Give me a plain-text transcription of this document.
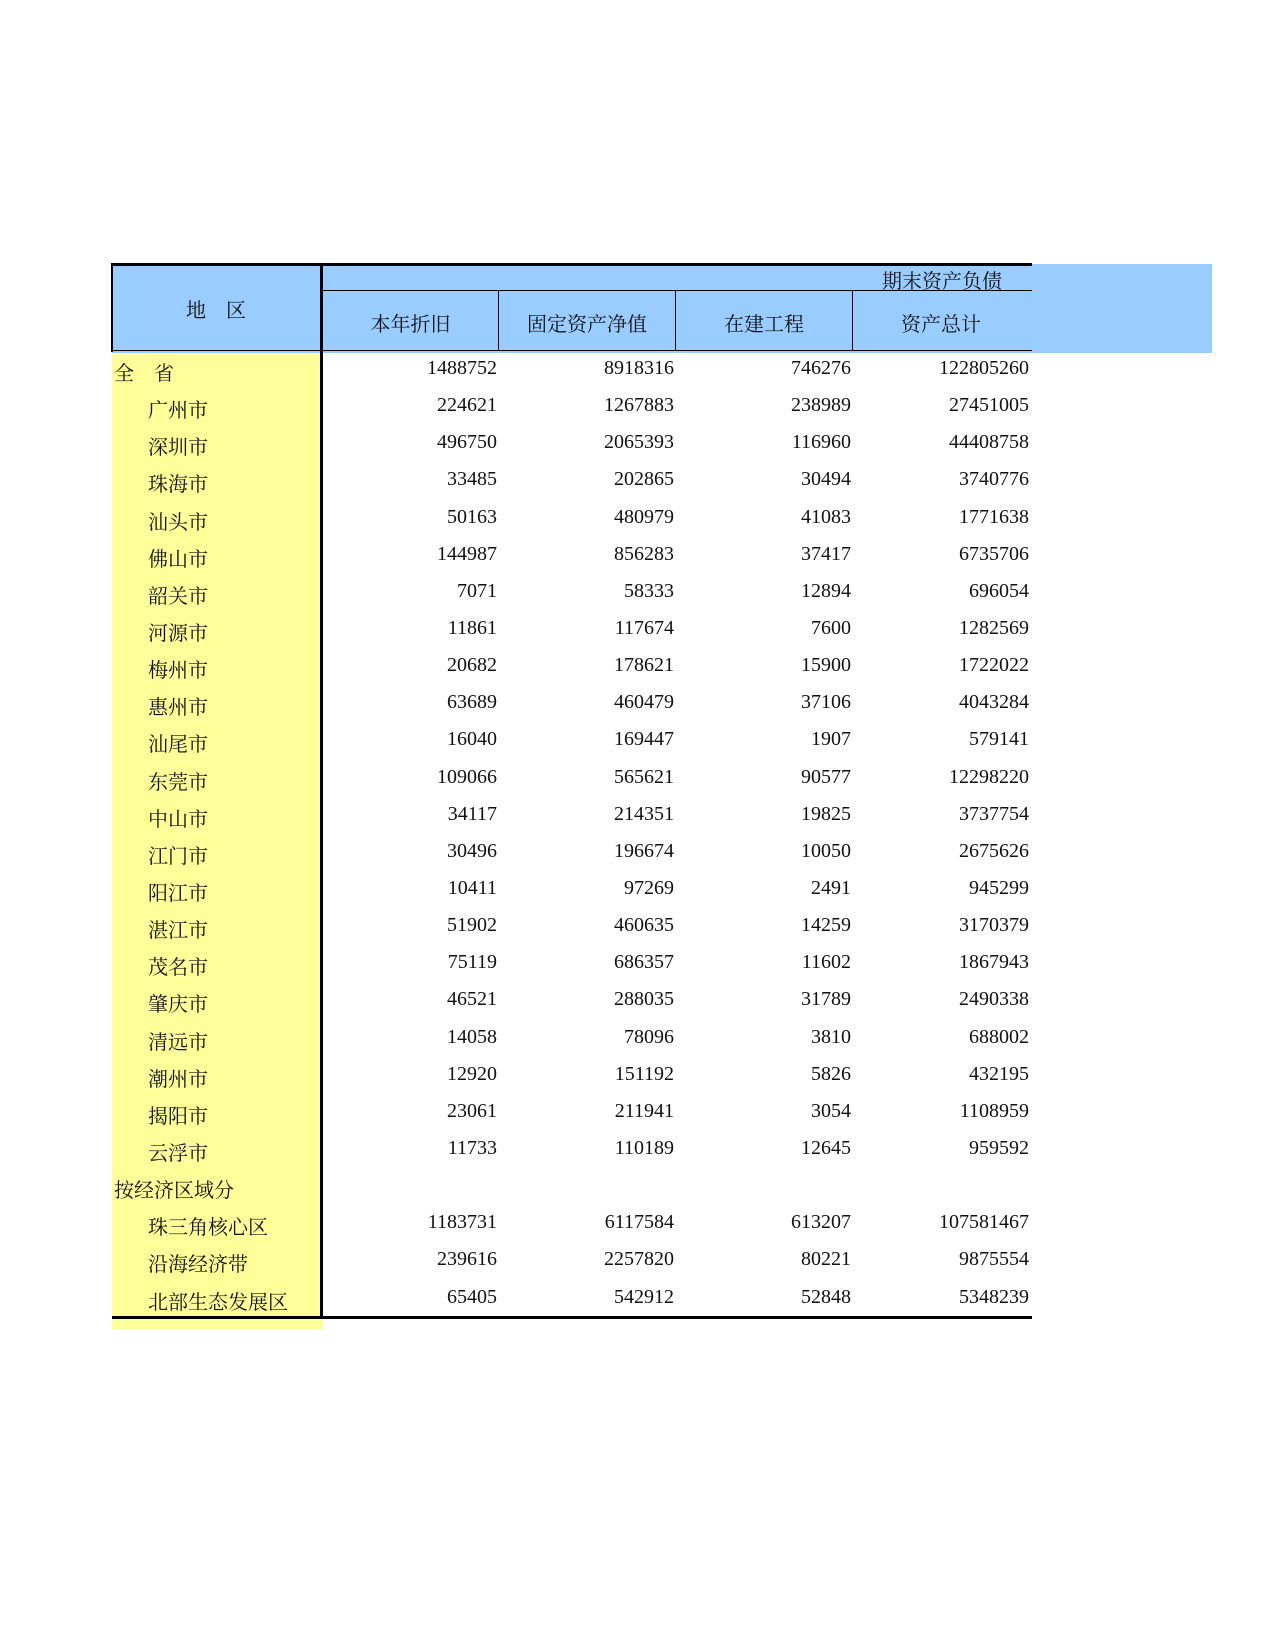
地　区
期末资产负债
本年折旧	固定资产净值	在建工程	资产总计
全　省	1488752	8918316	746276	122805260
广州市	224621	1267883	238989	27451005
深圳市	496750	2065393	116960	44408758
珠海市	33485	202865	30494	3740776
汕头市	50163	480979	41083	1771638
佛山市	144987	856283	37417	6735706
韶关市	7071	58333	12894	696054
河源市	11861	117674	7600	1282569
梅州市	20682	178621	15900	1722022
惠州市	63689	460479	37106	4043284
汕尾市	16040	169447	1907	579141
东莞市	109066	565621	90577	12298220
中山市	34117	214351	19825	3737754
江门市	30496	196674	10050	2675626
阳江市	10411	97269	2491	945299
湛江市	51902	460635	14259	3170379
茂名市	75119	686357	11602	1867943
肇庆市	46521	288035	31789	2490338
清远市	14058	78096	3810	688002
潮州市	12920	151192	5826	432195
揭阳市	23061	211941	3054	1108959
云浮市	11733	110189	12645	959592
按经济区域分
珠三角核心区	1183731	6117584	613207	107581467
沿海经济带	239616	2257820	80221	9875554
北部生态发展区	65405	542912	52848	5348239
